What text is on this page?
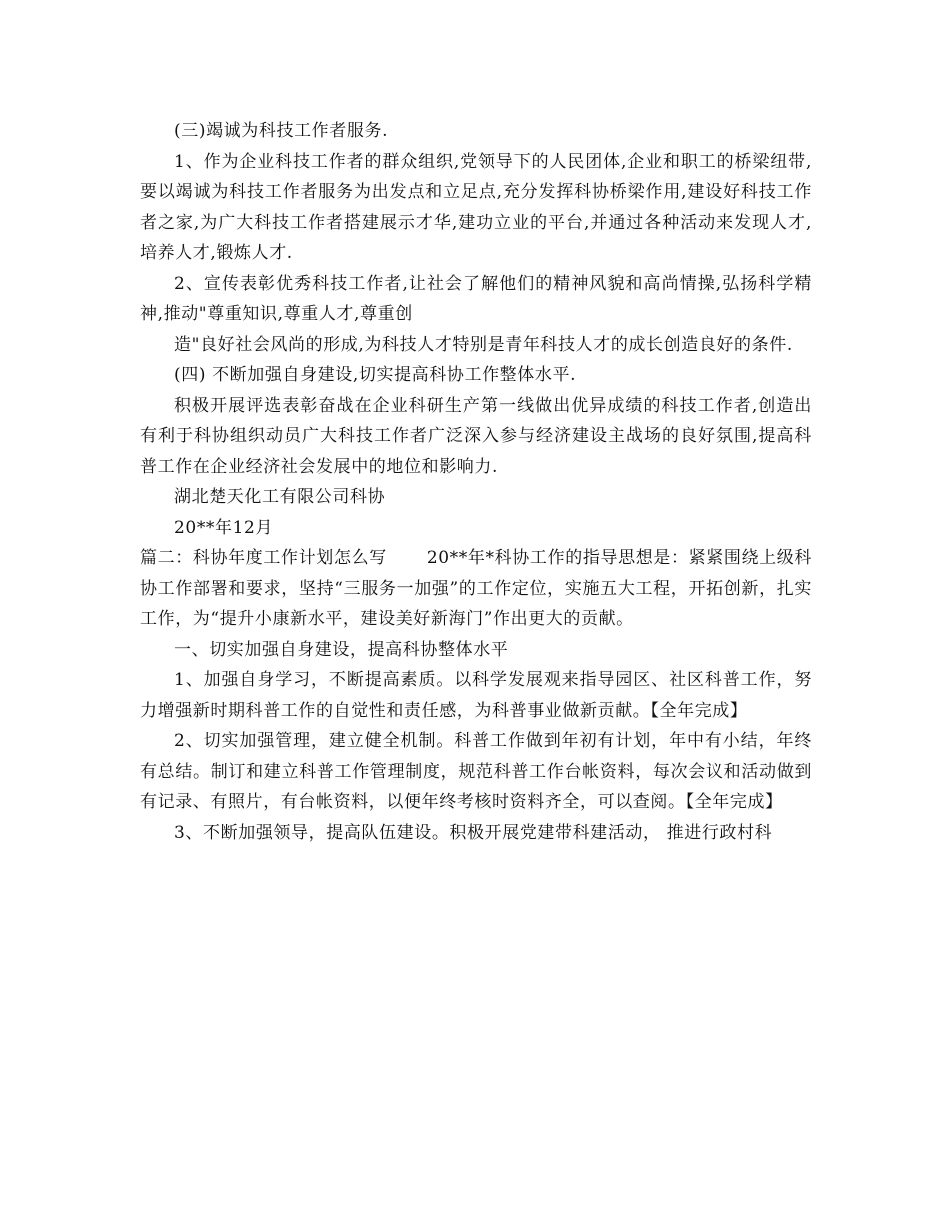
(三)竭诚为科技工作者服务.

1、作为企业科技工作者的群众组织,党领导下的人民团体,企业和职工的桥梁纽带,要以竭诚为科技工作者服务为出发点和立足点,充分发挥科协桥梁作用,建设好科技工作者之家,为广大科技工作者搭建展示才华,建功立业的平台,并通过各种活动来发现人才,培养人才,锻炼人才.

2、宣传表彰优秀科技工作者,让社会了解他们的精神风貌和高尚情操,弘扬科学精神,推动"尊重知识,尊重人才,尊重创

造"良好社会风尚的形成,为科技人才特别是青年科技人才的成长创造良好的条件.

(四) 不断加强自身建设,切实提高科协工作整体水平.

积极开展评选表彰奋战在企业科研生产第一线做出优异成绩的科技工作者,创造出有利于科协组织动员广大科技工作者广泛深入参与经济建设主战场的良好氛围,提高科普工作在企业经济社会发展中的地位和影响力.

湖北楚天化工有限公司科协

20**年12月

篇二：科协年度工作计划怎么写 20**年*科协工作的指导思想是：紧紧围绕上级科协工作部署和要求，坚持“三服务一加强”的工作定位，实施五大工程，开拓创新，扎实工作，为“提升小康新水平，建设美好新海门”作出更大的贡献。

一、切实加强自身建设，提高科协整体水平

1、加强自身学习，不断提高素质。以科学发展观来指导园区、社区科普工作，努力增强新时期科普工作的自觉性和责任感，为科普事业做新贡献。【全年完成】

2、切实加强管理，建立健全机制。科普工作做到年初有计划，年中有小结，年终有总结。制订和建立科普工作管理制度，规范科普工作台帐资料，每次会议和活动做到有记录、有照片，有台帐资料，以便年终考核时资料齐全，可以查阅。【全年完成】

3、不断加强领导，提高队伍建设。积极开展党建带科建活动， 推进行政村科
